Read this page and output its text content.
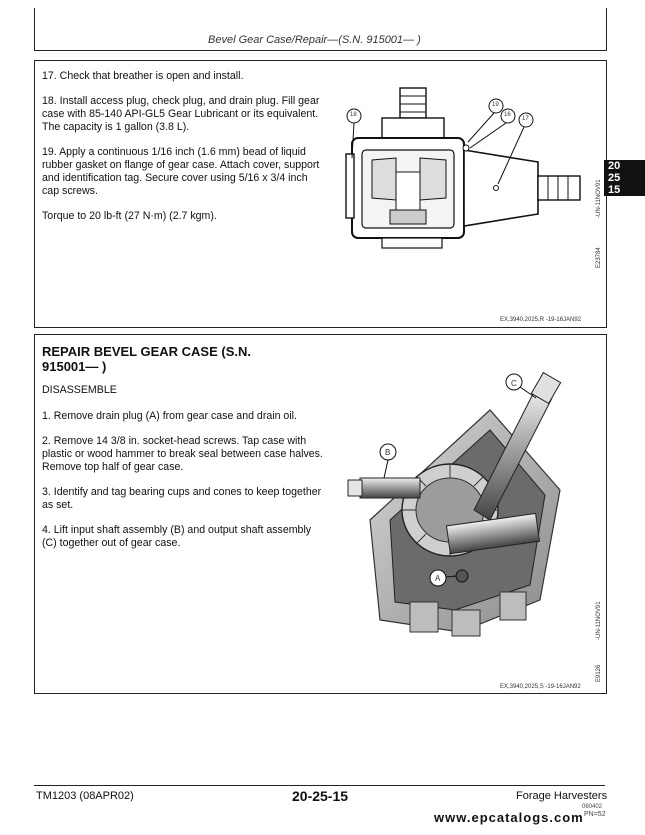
Bevel Gear Case/Repair—(S.N. 915001— )

17. Check that breather is open and install.

18. Install access plug, check plug, and drain plug. Fill gear case with 85-140 API-GL5 Gear Lubricant or its equivalent. The capacity is 1 gallon (3.8 L).

19. Apply a continuous 1/16 inch (1.6 mm) bead of liquid rubber gasket on flange of gear case. Attach cover, support and identification tag. Secure cover using 5/16 x 3/4 inch cap screws.

Torque to 20 lb-ft (27 N·m) (2.7 kgm).

18
19
16
17
-UN-11NOV91
E23784
EX,3940,2025,R -19-16JAN92
20
25
15
REPAIR BEVEL GEAR CASE (S.N. 915001— )
DISASSEMBLE

1. Remove drain plug (A) from gear case and drain oil.

2. Remove 14 3/8 in. socket-head screws. Tap case with plastic or wood hammer to break seal between case halves. Remove top half of gear case.

3. Identify and tag bearing cups and cones to keep together as set.

4. Lift input shaft assembly (B) and output shaft assembly (C) together out of gear case.

C
B
A
-UN-11NOV91
E9126
EX,3940,2025,S -19-16JAN92
TM1203 (08APR02)	20-25-15	Forage Harvesters
060402
PN=52
www.epcatalogs.com
